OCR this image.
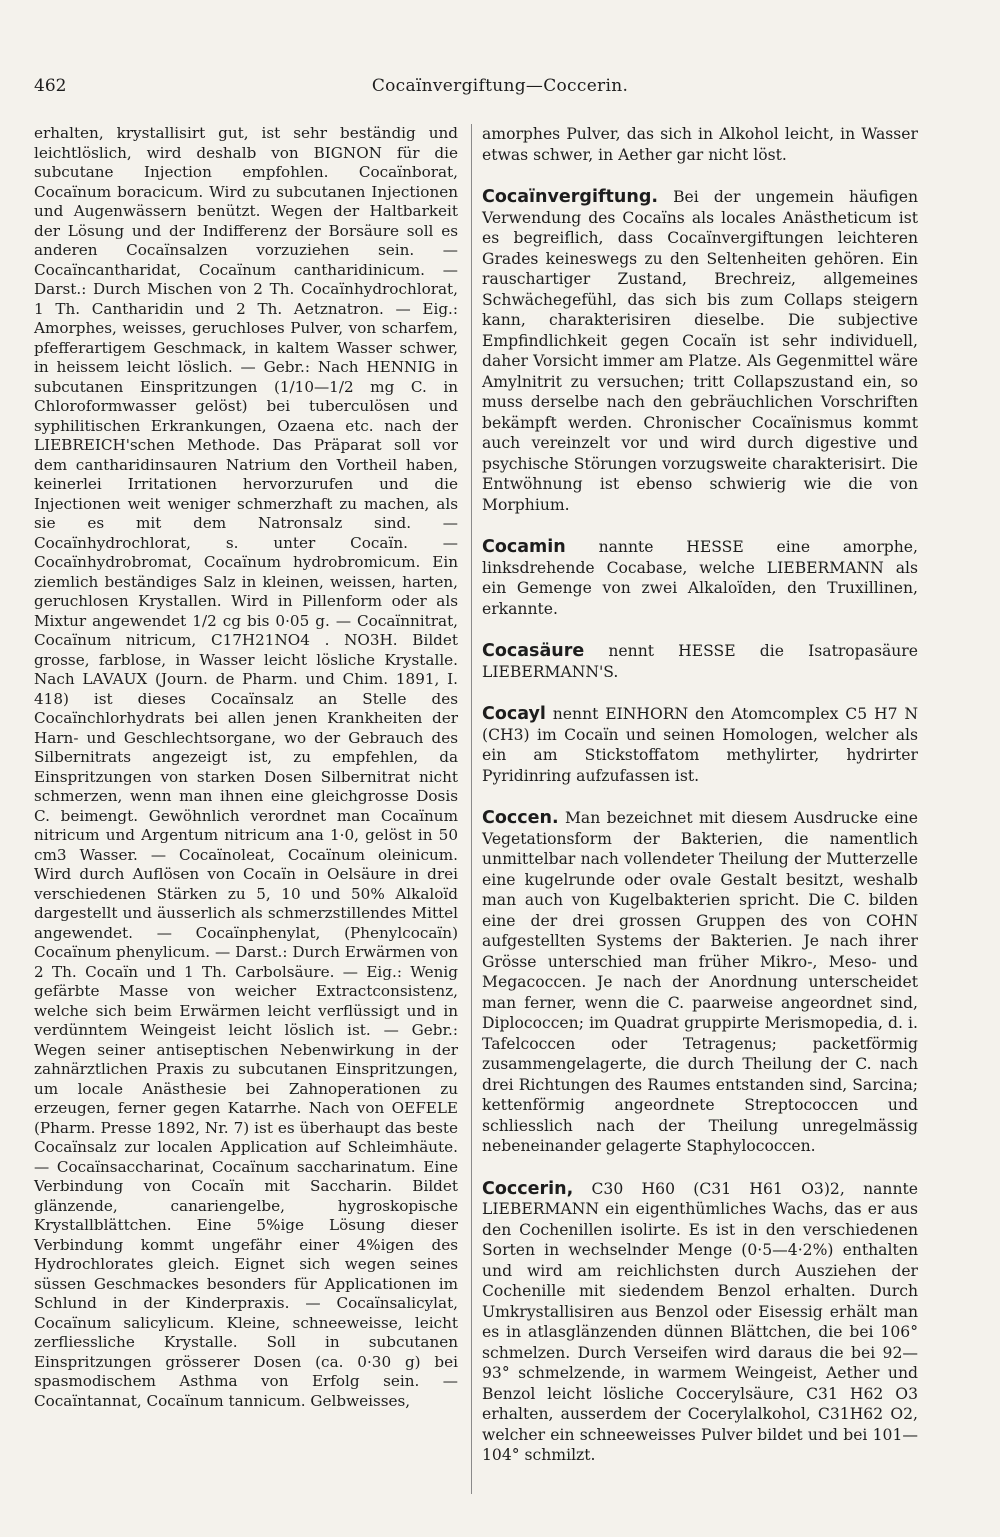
462	Cocaïnvergiftung—Coccerin.

erhalten, krystallisirt gut, ist sehr beständig und leichtlöslich, wird deshalb von BIGNON für die subcutane Injection empfohlen. Cocaïnborat, Cocaïnum boracicum. Wird zu subcutanen Injectionen und Augenwässern benützt. Wegen der Haltbarkeit der Lösung und der Indifferenz der Borsäure soll es anderen Cocaïnsalzen vorzuziehen sein. — Cocaïncantharidat, Cocaïnum cantharidinicum. — Darst.: Durch Mischen von 2 Th. Cocaïnhydrochlorat, 1 Th. Cantharidin und 2 Th. Aetznatron. — Eig.: Amorphes, weisses, geruchloses Pulver, von scharfem, pfefferartigem Geschmack, in kaltem Wasser schwer, in heissem leicht löslich. — Gebr.: Nach HENNIG in subcutanen Einspritzungen (1/10—1/2 mg C. in Chloroformwasser gelöst) bei tuberculösen und syphilitischen Erkrankungen, Ozaena etc. nach der LIEBREICH'schen Methode. Das Präparat soll vor dem cantharidinsauren Natrium den Vortheil haben, keinerlei Irritationen hervorzurufen und die Injectionen weit weniger schmerzhaft zu machen, als sie es mit dem Natronsalz sind. — Cocaïnhydrochlorat, s. unter Cocaïn. — Cocaïnhydrobromat, Cocaïnum hydrobromicum. Ein ziemlich beständiges Salz in kleinen, weissen, harten, geruchlosen Krystallen. Wird in Pillenform oder als Mixtur angewendet 1/2 cg bis 0·05 g. — Cocaïnnitrat, Cocaïnum nitricum, C17H21NO4 . NO3H. Bildet grosse, farblose, in Wasser leicht lösliche Krystalle. Nach LAVAUX (Journ. de Pharm. und Chim. 1891, I. 418) ist dieses Cocaïnsalz an Stelle des Cocaïnchlorhydrats bei allen jenen Krankheiten der Harn- und Geschlechtsorgane, wo der Gebrauch des Silbernitrats angezeigt ist, zu empfehlen, da Einspritzungen von starken Dosen Silbernitrat nicht schmerzen, wenn man ihnen eine gleichgrosse Dosis C. beimengt. Gewöhnlich verordnet man Cocaïnum nitricum und Argentum nitricum ana 1·0, gelöst in 50 cm3 Wasser. — Cocaïnoleat, Cocaïnum oleinicum. Wird durch Auflösen von Cocaïn in Oelsäure in drei verschiedenen Stärken zu 5, 10 und 50% Alkaloïd dargestellt und äusserlich als schmerzstillendes Mittel angewendet. — Cocaïnphenylat, (Phenylcocaïn) Cocaïnum phenylicum. — Darst.: Durch Erwärmen von 2 Th. Cocaïn und 1 Th. Carbolsäure. — Eig.: Wenig gefärbte Masse von weicher Extractconsistenz, welche sich beim Erwärmen leicht verflüssigt und in verdünntem Weingeist leicht löslich ist. — Gebr.: Wegen seiner antiseptischen Nebenwirkung in der zahnärztlichen Praxis zu subcutanen Einspritzungen, um locale Anästhesie bei Zahnoperationen zu erzeugen, ferner gegen Katarrhe. Nach von OEFELE (Pharm. Presse 1892, Nr. 7) ist es überhaupt das beste Cocaïnsalz zur localen Application auf Schleimhäute. — Cocaïnsaccharinat, Cocaïnum saccharinatum. Eine Verbindung von Cocaïn mit Saccharin. Bildet glänzende, canariengelbe, hygroskopische Krystallblättchen. Eine 5%ige Lösung dieser Verbindung kommt ungefähr einer 4%igen des Hydrochlorates gleich. Eignet sich wegen seines süssen Geschmackes besonders für Applicationen im Schlund in der Kinderpraxis. — Cocaïnsalicylat, Cocaïnum salicylicum. Kleine, schneeweisse, leicht zerfliessliche Krystalle. Soll in subcutanen Einspritzungen grösserer Dosen (ca. 0·30 g) bei spasmodischem Asthma von Erfolg sein. — Cocaïntannat, Cocaïnum tannicum. Gelbweisses,

amorphes Pulver, das sich in Alkohol leicht, in Wasser etwas schwer, in Aether gar nicht löst.

Cocaïnvergiftung. Bei der ungemein häufigen Verwendung des Cocaïns als locales Anästheticum ist es begreiflich, dass Cocaïnvergiftungen leichteren Grades keineswegs zu den Seltenheiten gehören. Ein rauschartiger Zustand, Brechreiz, allgemeines Schwächegefühl, das sich bis zum Collaps steigern kann, charakterisiren dieselbe. Die subjective Empfindlichkeit gegen Cocaïn ist sehr individuell, daher Vorsicht immer am Platze. Als Gegenmittel wäre Amylnitrit zu versuchen; tritt Collapszustand ein, so muss derselbe nach den gebräuchlichen Vorschriften bekämpft werden. Chronischer Cocaïnismus kommt auch vereinzelt vor und wird durch digestive und psychische Störungen vorzugsweite charakterisirt. Die Entwöhnung ist ebenso schwierig wie die von Morphium.

Cocamin nannte HESSE eine amorphe, linksdrehende Cocabase, welche LIEBERMANN als ein Gemenge von zwei Alkaloïden, den Truxillinen, erkannte.

Cocasäure nennt HESSE die Isatropasäure LIEBERMANN'S.

Cocayl nennt EINHORN den Atomcomplex C5 H7 N (CH3) im Cocaïn und seinen Homologen, welcher als ein am Stickstoffatom methylirter, hydrirter Pyridinring aufzufassen ist.

Coccen. Man bezeichnet mit diesem Ausdrucke eine Vegetationsform der Bakterien, die namentlich unmittelbar nach vollendeter Theilung der Mutterzelle eine kugelrunde oder ovale Gestalt besitzt, weshalb man auch von Kugelbakterien spricht. Die C. bilden eine der drei grossen Gruppen des von COHN aufgestellten Systems der Bakterien. Je nach ihrer Grösse unterschied man früher Mikro-, Meso- und Megacoccen. Je nach der Anordnung unterscheidet man ferner, wenn die C. paarweise angeordnet sind, Diplococcen; im Quadrat gruppirte Merismopedia, d. i. Tafelcoccen oder Tetragenus; packetförmig zusammengelagerte, die durch Theilung der C. nach drei Richtungen des Raumes entstanden sind, Sarcina; kettenförmig angeordnete Streptococcen und schliesslich nach der Theilung unregelmässig nebeneinander gelagerte Staphylococcen.

Coccerin, C30 H60 (C31 H61 O3)2, nannte LIEBERMANN ein eigenthümliches Wachs, das er aus den Cochenillen isolirte. Es ist in den verschiedenen Sorten in wechselnder Menge (0·5—4·2%) enthalten und wird am reichlichsten durch Ausziehen der Cochenille mit siedendem Benzol erhalten. Durch Umkrystallisiren aus Benzol oder Eisessig erhält man es in atlasglänzenden dünnen Blättchen, die bei 106° schmelzen. Durch Verseifen wird daraus die bei 92—93° schmelzende, in warmem Weingeist, Aether und Benzol leicht lösliche Coccerylsäure, C31 H62 O3 erhalten, ausserdem der Cocerylalkohol, C31H62 O2, welcher ein schneeweisses Pulver bildet und bei 101—104° schmilzt.
